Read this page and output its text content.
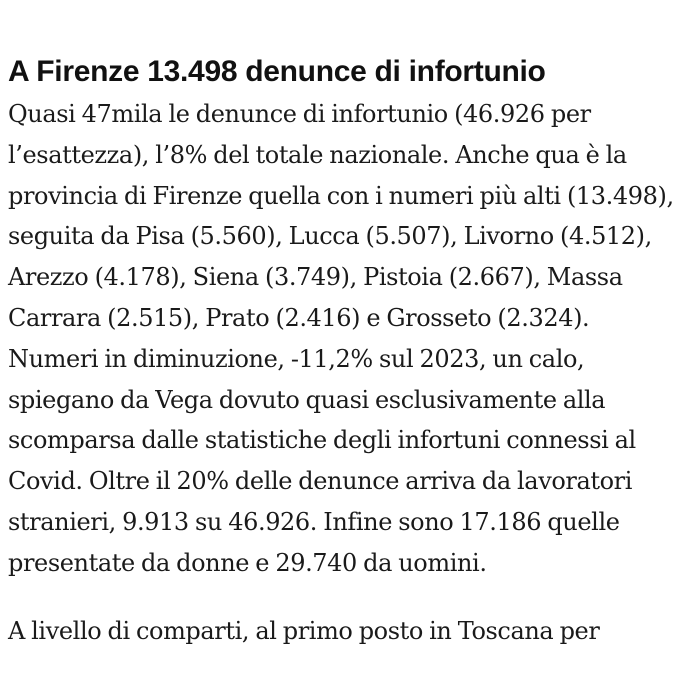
A Firenze 13.498 denunce di infortunio

Quasi 47mila le denunce di infortunio (46.926 per l’esattezza), l’8% del totale nazionale. Anche qua è la provincia di Firenze quella con i numeri più alti (13.498), seguita da Pisa (5.560), Lucca (5.507), Livorno (4.512), Arezzo (4.178), Siena (3.749), Pistoia (2.667), Massa Carrara (2.515), Prato (2.416) e Grosseto (2.324). Numeri in diminuzione, -11,2% sul 2023, un calo, spiegano da Vega dovuto quasi esclusivamente alla scomparsa dalle statistiche degli infortuni connessi al Covid. Oltre il 20% delle denunce arriva da lavoratori stranieri, 9.913 su 46.926. Infine sono 17.186 quelle presentate da donne e 29.740 da uomini.

A livello di comparti, al primo posto in Toscana per
